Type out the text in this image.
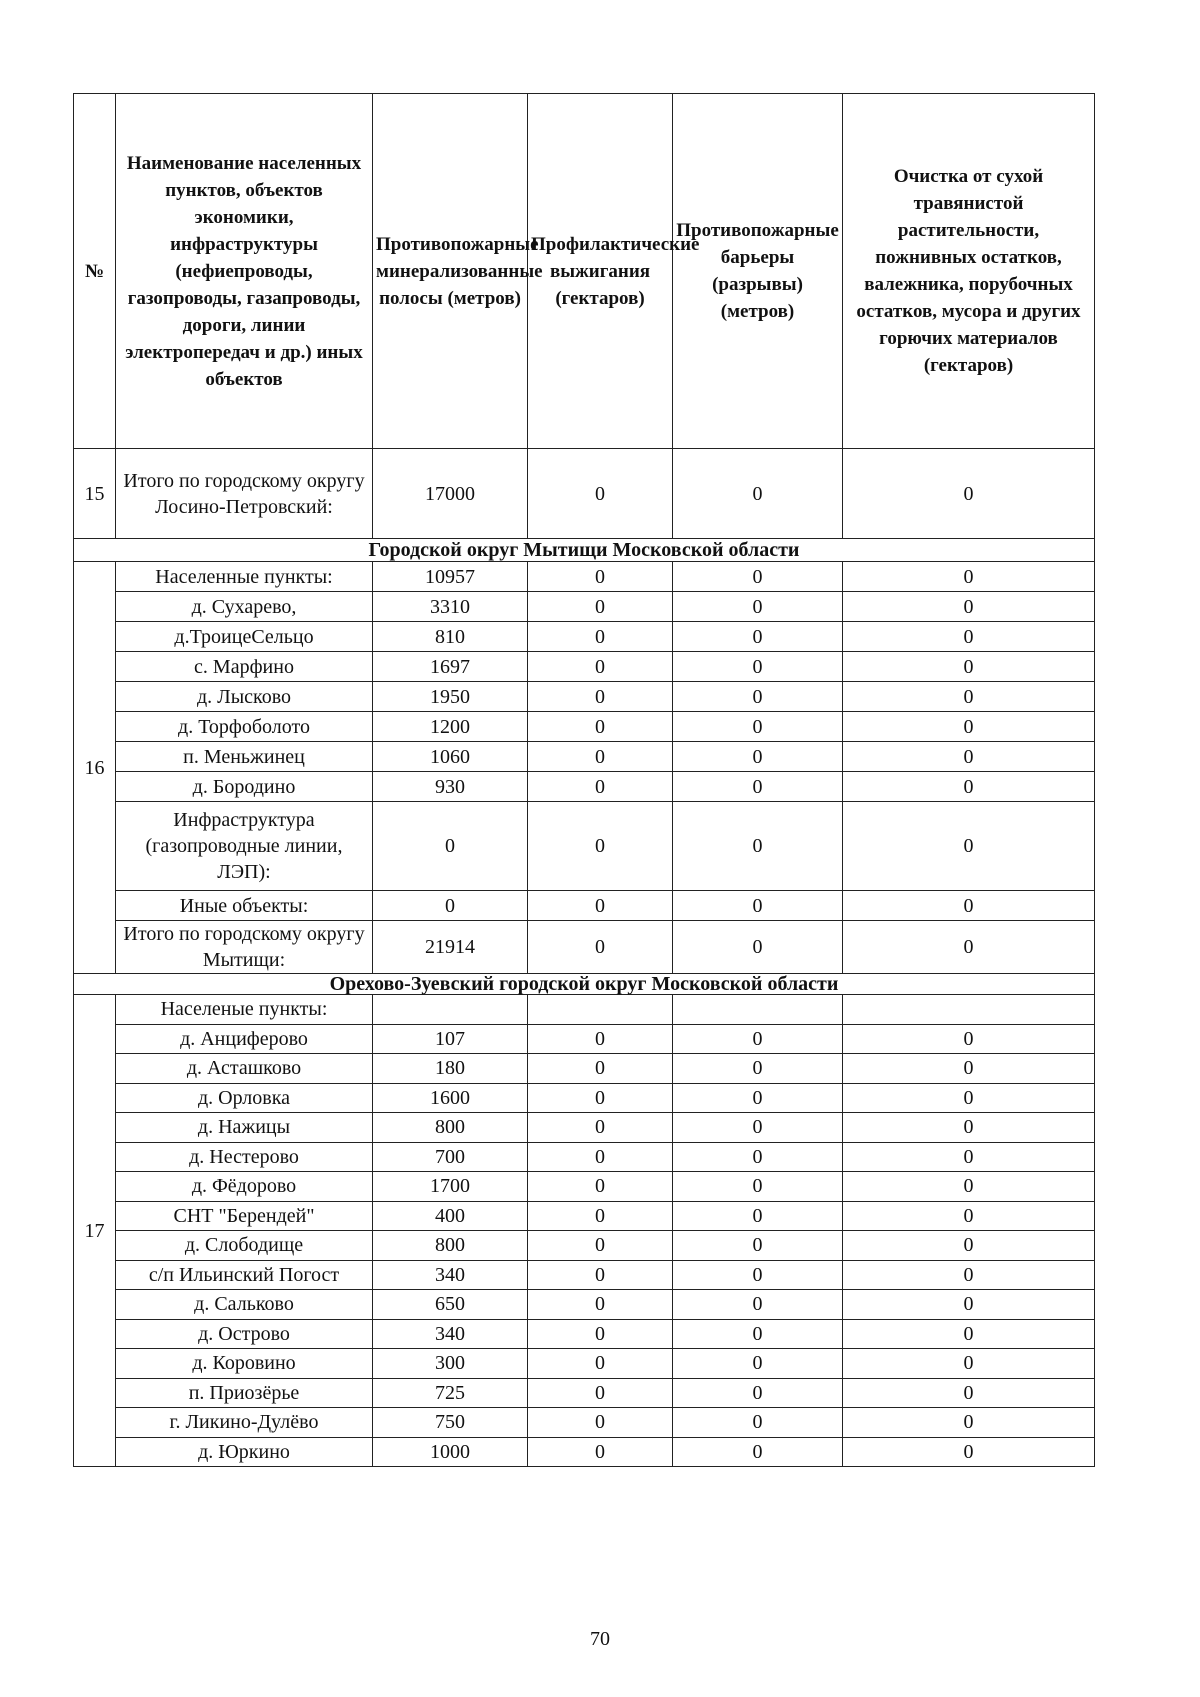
№	Наименование населенных пунктов, объектов экономики, инфраструктуры (нефиепроводы, газопроводы, газапроводы, дороги, линии электропередач и др.) иных объектов	Противопожарные минерализованные полосы (метров)	Профилактические выжигания (гектаров)	Противопожарные барьеры (разрывы) (метров)	Очистка от сухой травянистой растительности, пожнивных остатков, валежника, порубочных остатков, мусора и других горючих материалов (гектаров)
15	Итого по городскому округу Лосино-Петровский:	17000	0	0	0
Городской округ Мытищи Московской области					
16	Населенные пункты:	10957	0	0	0
	д. Сухарево,	3310	0	0	0
	д.ТроицеСельцо	810	0	0	0
	с. Марфино	1697	0	0	0
	д. Лысково	1950	0	0	0
	д. Торфоболото	1200	0	0	0
	п. Меньжинец	1060	0	0	0
	д. Бородино	930	0	0	0
	Инфраструктура (газопроводные линии, ЛЭП):	0	0	0	0
	Иные объекты:	0	0	0	0
	Итого по городскому округу Мытищи:	21914	0	0	0
Орехово-Зуевский городской округ Московской области					
17	Населеные пункты:				
	д. Анциферово	107	0	0	0
	д. Асташково	180	0	0	0
	д. Орловка	1600	0	0	0
	д. Нажицы	800	0	0	0
	д. Нестерово	700	0	0	0
	д. Фёдорово	1700	0	0	0
	СНТ "Берендей"	400	0	0	0
	д. Слободище	800	0	0	0
	с/п Ильинский Погост	340	0	0	0
	д. Сальково	650	0	0	0
	д. Острово	340	0	0	0
	д. Коровино	300	0	0	0
	п. Приозёрье	725	0	0	0
	г. Ликино-Дулёво	750	0	0	0
	д. Юркино	1000	0	0	0
70
